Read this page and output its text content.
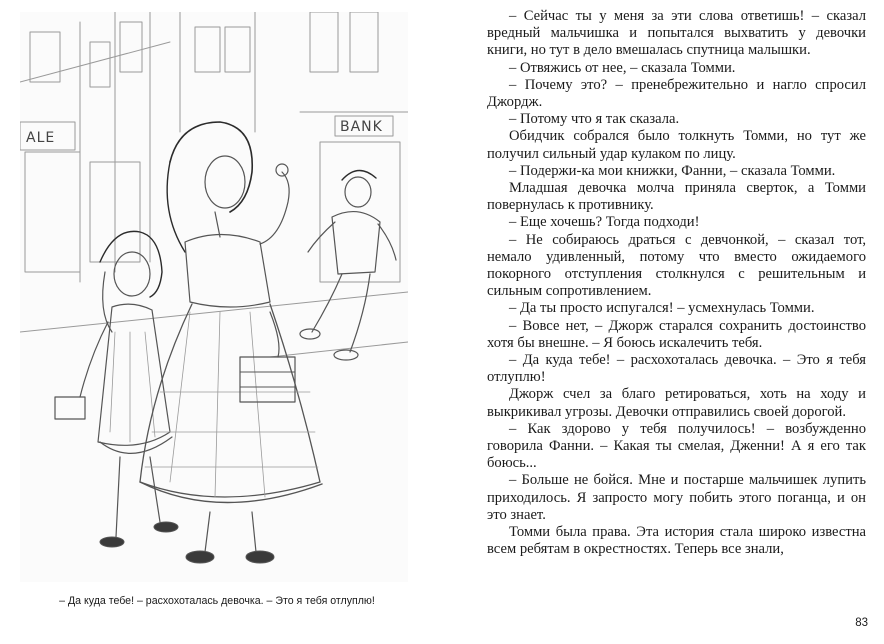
ALE
BANK
– Да куда тебе! – расхохоталась девочка. – Это я тебя отлуплю!

– Сейчас ты у меня за эти слова ответишь! – сказал вредный мальчишка и попытался выхватить у девочки книги, но тут в дело вмешалась спутница малышки.

– Отвяжись от нее, – сказала Томми.

– Почему это? – пренебрежительно и нагло спросил Джордж.

– Потому что я так сказала.

Обидчик собрался было толкнуть Томми, но тут же получил сильный удар кулаком по лицу.

– Подержи-ка мои книжки, Фанни, – сказала Томми.

Младшая девочка молча приняла сверток, а Томми повернулась к противнику.

– Еще хочешь? Тогда подходи!

– Не собираюсь драться с девчонкой, – сказал тот, немало удивленный, потому что вместо ожидаемого покорного отступления столкнулся с решительным и сильным сопротивлением.

– Да ты просто испугался! – усмехнулась Томми.

– Вовсе нет, – Джорж старался сохранить достоинство хотя бы внешне. – Я боюсь искалечить тебя.

– Да куда тебе! – расхохоталась девочка. – Это я тебя отлуплю!

Джорж счел за благо ретироваться, хоть на ходу и выкрикивал угрозы. Девочки отправились своей дорогой.

– Как здорово у тебя получилось! – возбужденно говорила Фанни. – Какая ты смелая, Дженни! А я его так боюсь...

– Больше не бойся. Мне и постарше мальчишек лупить приходилось. Я запросто могу побить этого поганца, и он это знает.

Томми была права. Эта история стала широко известна всем ребятам в окрестностях. Теперь все знали,

83
